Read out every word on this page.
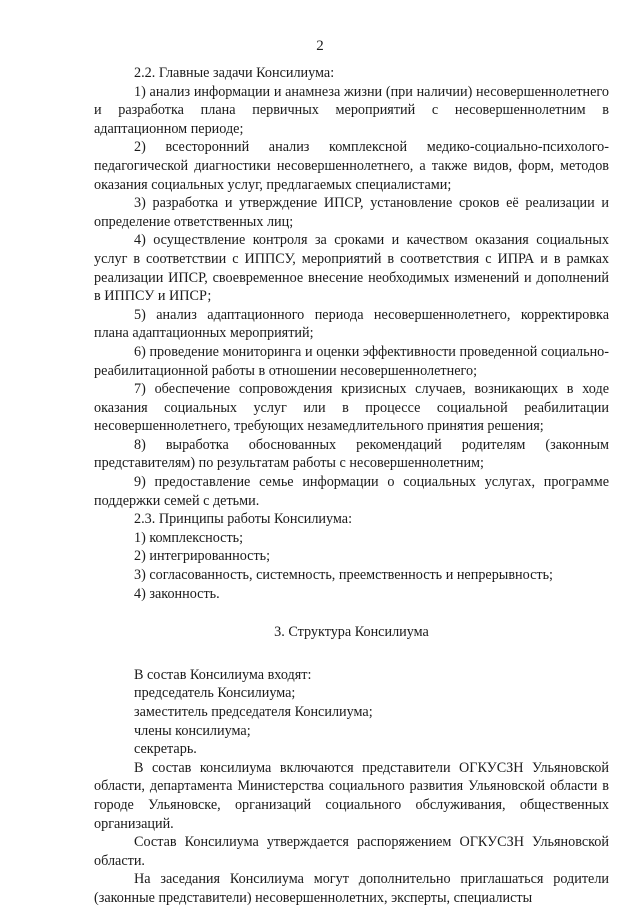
2

2.2. Главные задачи Консилиума:

1) анализ информации и анамнеза жизни (при наличии) несовершеннолетнего и разработка плана первичных мероприятий с несовершеннолетним в адаптационном периоде;

2) всесторонний анализ комплексной медико-социально-психолого-педагогической диагностики несовершеннолетнего, а также видов, форм, методов оказания социальных услуг, предлагаемых специалистами;

3) разработка и утверждение ИПСР, установление сроков её реализации и определение ответственных лиц;

4) осуществление контроля за сроками и качеством оказания социальных услуг в соответствии с ИППСУ, мероприятий в соответствия с ИПРА и в рамках реализации ИПСР, своевременное внесение необходимых изменений и дополнений в ИППСУ и ИПСР;

5) анализ адаптационного периода несовершеннолетнего, корректировка плана адаптационных мероприятий;

6) проведение мониторинга и оценки эффективности проведенной социально-реабилитационной работы в отношении несовершеннолетнего;

7) обеспечение сопровождения кризисных случаев, возникающих в ходе оказания социальных услуг или в процессе социальной реабилитации несовершеннолетнего, требующих незамедлительного принятия решения;

8) выработка обоснованных рекомендаций родителям (законным представителям) по результатам работы с несовершеннолетним;

9) предоставление семье информации о социальных услугах, программе поддержки семей с детьми.

2.3. Принципы работы Консилиума:

1) комплексность;

2) интегрированность;

3) согласованность, системность, преемственность и непрерывность;

4) законность.

3. Структура Консилиума

В состав Консилиума входят:

председатель Консилиума;

заместитель председателя Консилиума;

члены консилиума;

секретарь.

В состав консилиума включаются представители ОГКУСЗН Ульяновской области, департамента Министерства социального развития Ульяновской области в городе Ульяновске, организаций социального обслуживания, общественных организаций.

Состав Консилиума утверждается распоряжением ОГКУСЗН Ульяновской области.

На заседания Консилиума могут дополнительно приглашаться родители (законные представители) несовершеннолетних, эксперты, специалисты
